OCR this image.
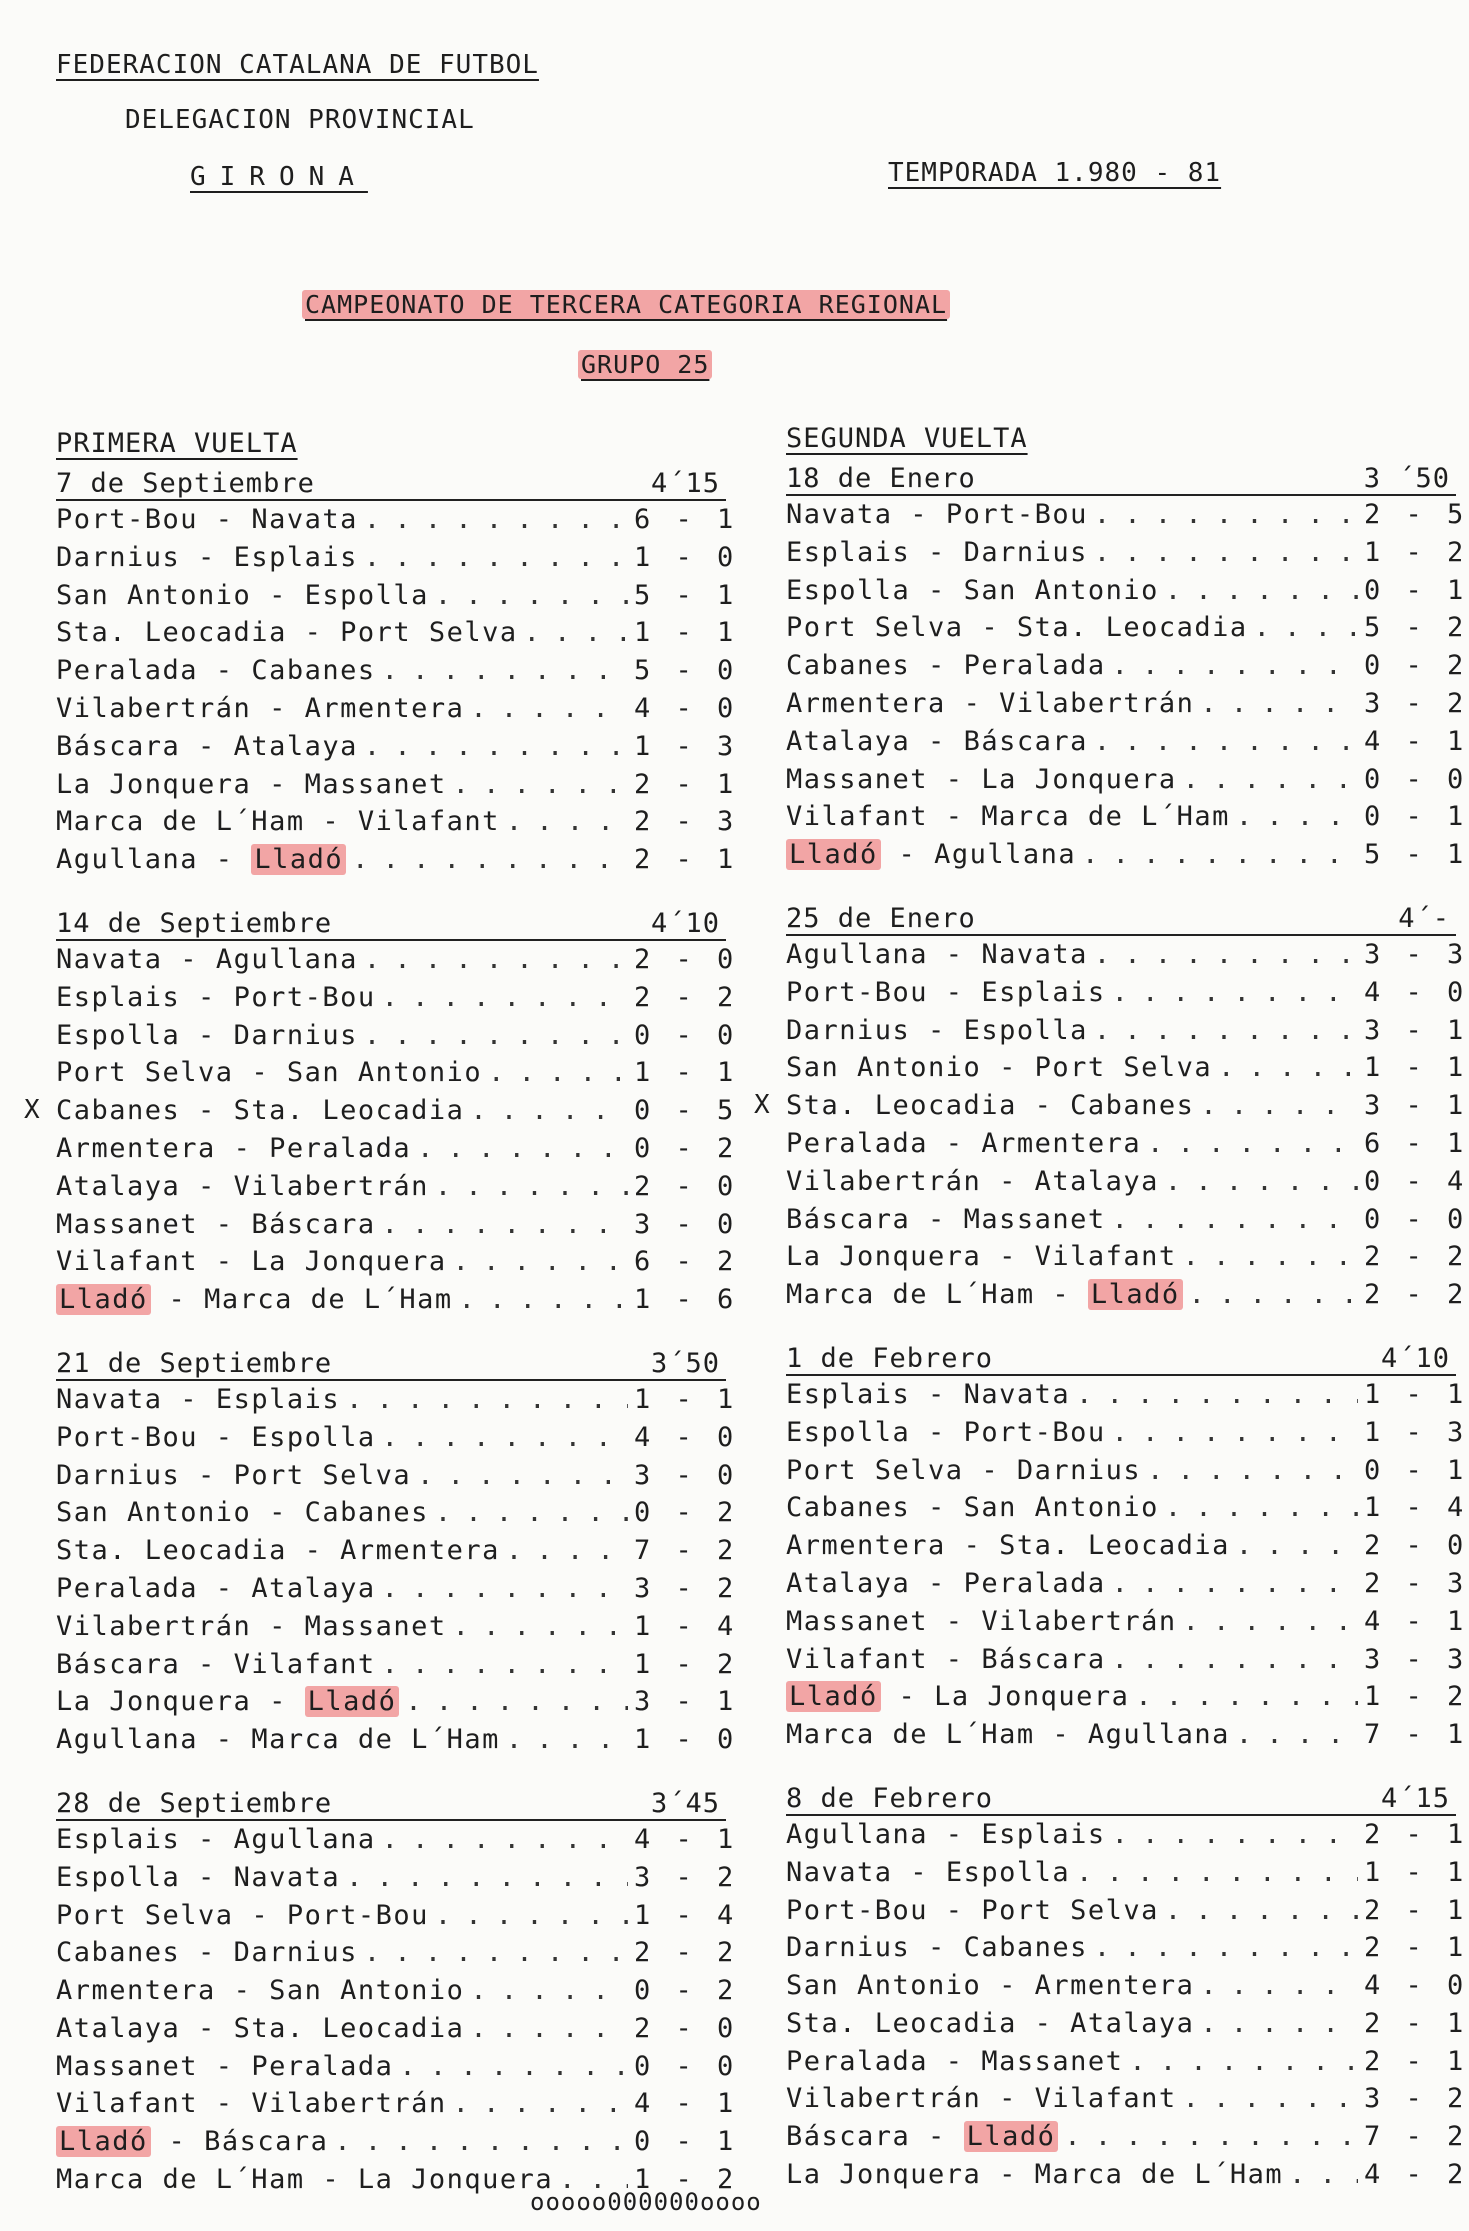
FEDERACION CATALANA DE FUTBOL
DELEGACION PROVINCIAL
GIRONA	TEMPORADA 1.980 - 81
CAMPEONATO DE TERCERA CATEGORIA REGIONAL
GRUPO 25
PRIMERA VUELTA
7 de Septiembre	4´15
Port-Bou - Navata . . .	6 - 1
Darnius - Esplais . . .	1 - 0
San Antonio - Espolla . . .	5 - 1
Sta. Leocadia - Port Selva . . .	1 - 1
Peralada - Cabanes . . .	5 - 0
Vilabertrán - Armentera . . .	4 - 0
Báscara - Atalaya . . .	1 - 3
La Jonquera - Massanet . . .	2 - 1
Marca de L´Ham - Vilafant . . .	2 - 3
Agullana - Lladó . . .	2 - 1
14 de Septiembre	4´10
Navata - Agullana . . .	2 - 0
Esplais - Port-Bou . . .	2 - 2
Espolla - Darnius . . .	0 - 0
Port Selva - San Antonio . . .	1 - 1
X Cabanes - Sta. Leocadia . . .	0 - 5
Armentera - Peralada . . .	0 - 2
Atalaya - Vilabertrán . . .	2 - 0
Massanet - Báscara . . .	3 - 0
Vilafant - La Jonquera . . .	6 - 2
Lladó - Marca de L´Ham . . .	1 - 6
21 de Septiembre	3´50
Navata - Esplais . . .	1 - 1
Port-Bou - Espolla . . .	4 - 0
Darnius - Port Selva . . .	3 - 0
San Antonio - Cabanes . . .	0 - 2
Sta. Leocadia - Armentera . . .	7 - 2
Peralada - Atalaya . . .	3 - 2
Vilabertrán - Massanet . . .	1 - 4
Báscara - Vilafant . . .	1 - 2
La Jonquera - Lladó . . .	3 - 1
Agullana - Marca de L´Ham . . .	1 - 0
28 de Septiembre	3´45
Esplais - Agullana . . .	4 - 1
Espolla - Navata . . .	3 - 2
Port Selva - Port-Bou . . .	1 - 4
Cabanes - Darnius . . .	2 - 2
Armentera - San Antonio . . .	0 - 2
Atalaya - Sta. Leocadia . . .	2 - 0
Massanet - Peralada . . .	0 - 0
Vilafant - Vilabertrán . . .	4 - 1
Lladó - Báscara . . .	0 - 1
Marca de L´Ham - La Jonquera . . .	1 - 2
SEGUNDA VUELTA
18 de Enero	3 ´50
Navata - Port-Bou . . .	2 - 5
Esplais - Darnius . . .	1 - 2
Espolla - San Antonio . . .	0 - 1
Port Selva - Sta. Leocadia . . .	5 - 2
Cabanes - Peralada . . .	0 - 2
Armentera - Vilabertrán . . .	3 - 2
Atalaya - Báscara . . .	4 - 1
Massanet - La Jonquera . . .	0 - 0
Vilafant - Marca de L´Ham . . .	0 - 1
Lladó - Agullana . . .	5 - 1
25 de Enero	4´-
Agullana - Navata . . .	3 - 3
Port-Bou - Esplais . . .	4 - 0
Darnius - Espolla . . .	3 - 1
San Antonio - Port Selva . . .	1 - 1
X Sta. Leocadia - Cabanes . . .	3 - 1
Peralada - Armentera . . .	6 - 1
Vilabertrán - Atalaya . . .	0 - 4
Báscara - Massanet . . .	0 - 0
La Jonquera - Vilafant . . .	2 - 2
Marca de L´Ham - Lladó . . .	2 - 2
1 de Febrero	4´10
Esplais - Navata . . .	1 - 1
Espolla - Port-Bou . . .	1 - 3
Port Selva - Darnius . . .	0 - 1
Cabanes - San Antonio . . .	1 - 4
Armentera - Sta. Leocadia . . .	2 - 0
Atalaya - Peralada . . .	2 - 3
Massanet - Vilabertrán . . .	4 - 1
Vilafant - Báscara . . .	3 - 3
Lladó - La Jonquera . . .	1 - 2
Marca de L´Ham - Agullana . . .	7 - 1
8 de Febrero	4´15
Agullana - Esplais . . .	2 - 1
Navata - Espolla . . .	1 - 1
Port-Bou - Port Selva . . .	2 - 1
Darnius - Cabanes . . .	2 - 1
San Antonio - Armentera . . .	4 - 0
Sta. Leocadia - Atalaya . . .	2 - 1
Peralada - Massanet . . .	2 - 1
Vilabertrán - Vilafant . . .	3 - 2
Báscara - Lladó . . .	7 - 2
La Jonquera - Marca de L´Ham . . .	4 - 2
ooooo000000oooo
